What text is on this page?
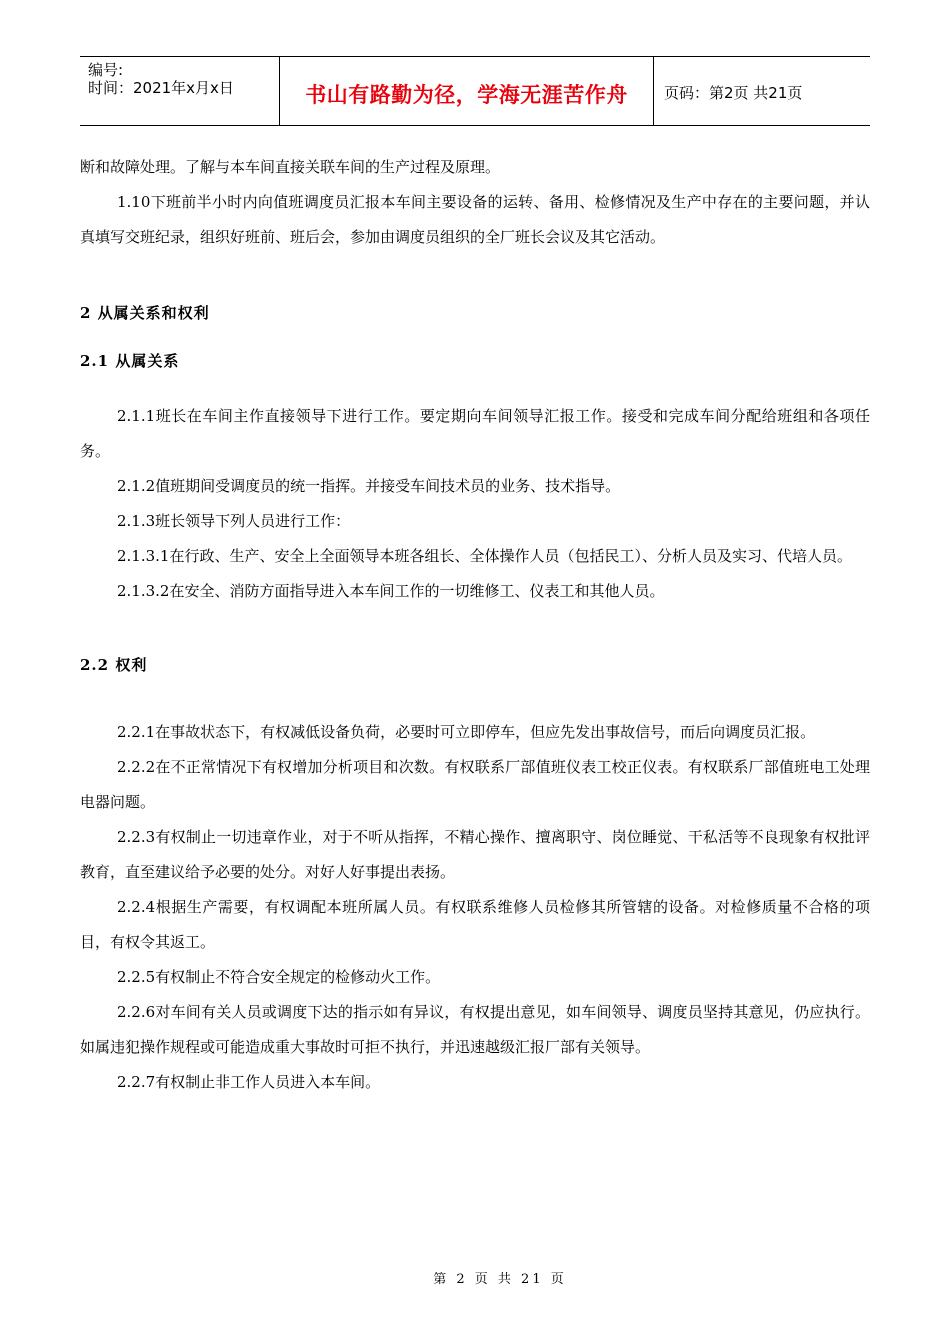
编号:
时间：2021年x月x日	书山有路勤为径，学海无涯苦作舟	页码：第2页 共21页

断和故障处理。了解与本车间直接关联车间的生产过程及原理。

1.10下班前半小时内向值班调度员汇报本车间主要设备的运转、备用、检修情况及生产中存在的主要问题，并认真填写交班纪录，组织好班前、班后会，参加由调度员组织的全厂班长会议及其它活动。

2 从属关系和权利
2.1 从属关系

2.1.1班长在车间主作直接领导下进行工作。要定期向车间领导汇报工作。接受和完成车间分配给班组和各项任务。

2.1.2值班期间受调度员的统一指挥。并接受车间技术员的业务、技术指导。

2.1.3班长领导下列人员进行工作：

2.1.3.1在行政、生产、安全上全面领导本班各组长、全体操作人员（包括民工）、分析人员及实习、代培人员。

2.1.3.2在安全、消防方面指导进入本车间工作的一切维修工、仪表工和其他人员。

2.2 权利

2.2.1在事故状态下，有权减低设备负荷，必要时可立即停车，但应先发出事故信号，而后向调度员汇报。

2.2.2在不正常情况下有权增加分析项目和次数。有权联系厂部值班仪表工校正仪表。有权联系厂部值班电工处理电器问题。

2.2.3有权制止一切违章作业，对于不听从指挥，不精心操作、擅离职守、岗位睡觉、干私活等不良现象有权批评教育，直至建议给予必要的处分。对好人好事提出表扬。

2.2.4根据生产需要，有权调配本班所属人员。有权联系维修人员检修其所管辖的设备。对检修质量不合格的项目，有权令其返工。

2.2.5有权制止不符合安全规定的检修动火工作。

2.2.6对车间有关人员或调度下达的指示如有异议，有权提出意见，如车间领导、调度员坚持其意见，仍应执行。如属违犯操作规程或可能造成重大事故时可拒不执行，并迅速越级汇报厂部有关领导。

2.2.7有权制止非工作人员进入本车间。

第 2 页 共 21 页
